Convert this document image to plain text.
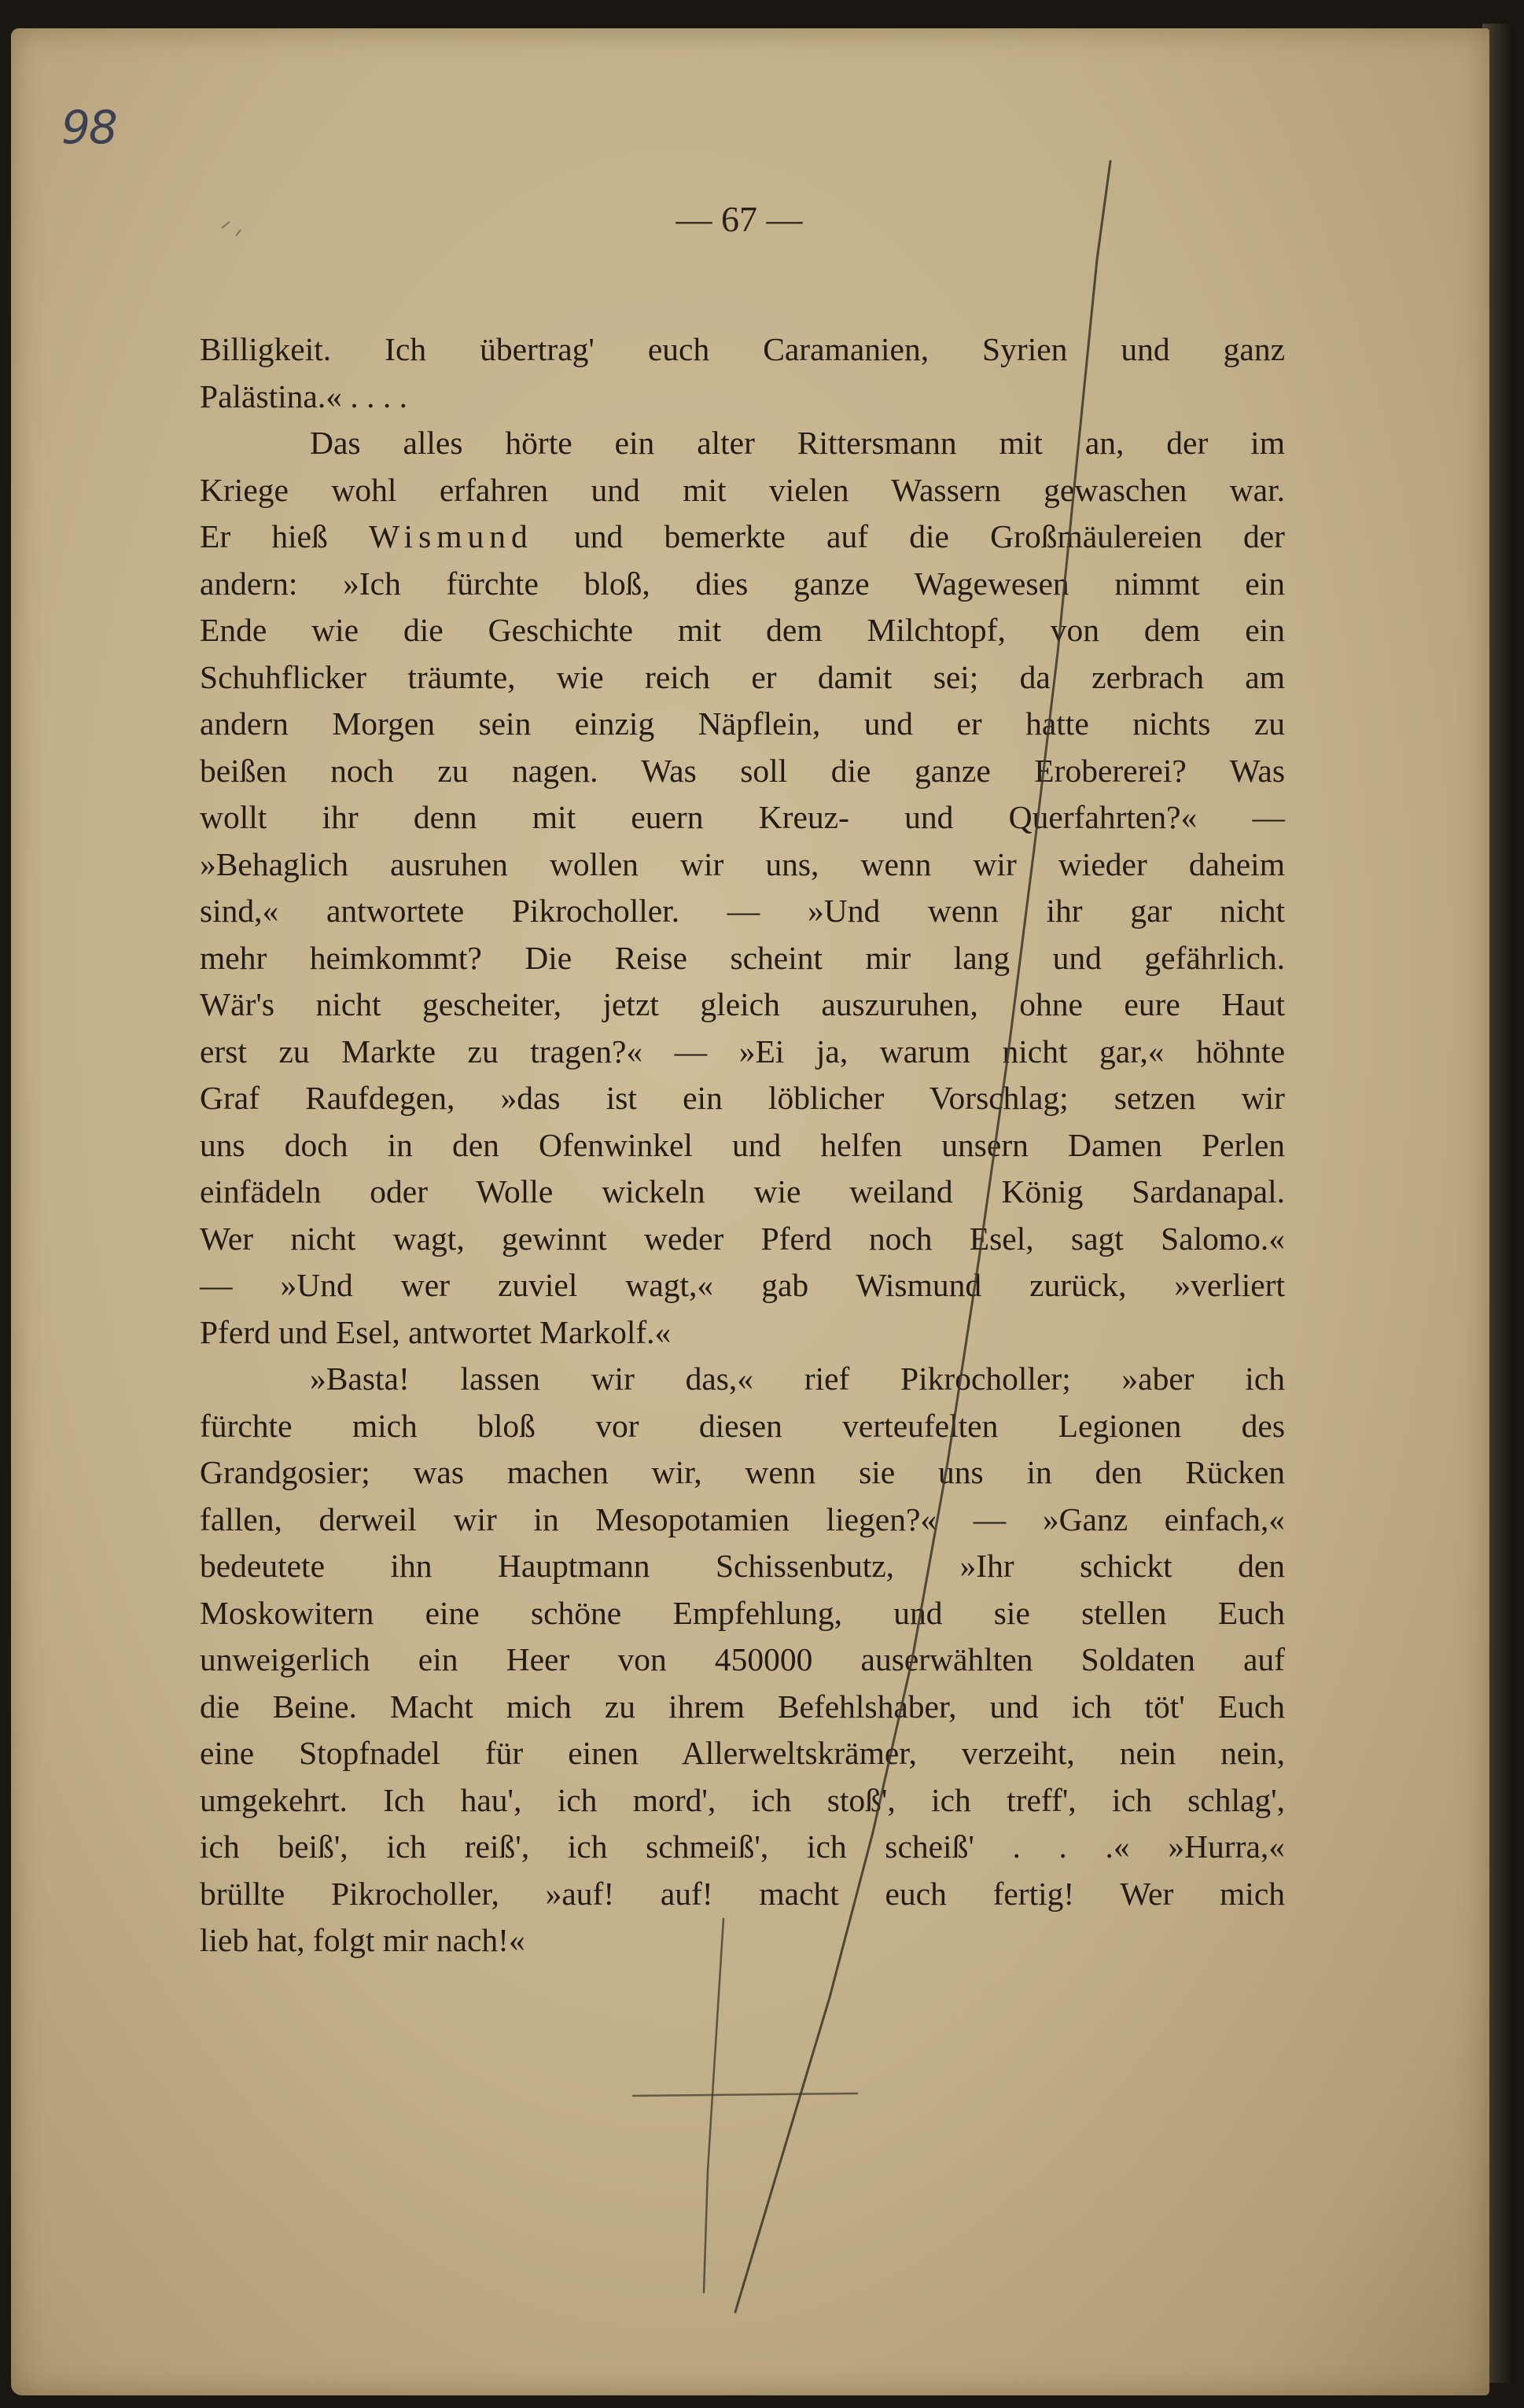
98
— 67 —
Billigkeit. Ich übertrag' euch Caramanien, Syrien und ganz
Palästina.« . . . .
Das alles hörte ein alter Rittersmann mit an, der im
Kriege wohl erfahren und mit vielen Wassern gewaschen war.
Er hieß Wismund und bemerkte auf die Großmäulereien der
andern: »Ich fürchte bloß, dies ganze Wagewesen nimmt ein
Ende wie die Geschichte mit dem Milchtopf, von dem ein
Schuhflicker träumte, wie reich er damit sei; da zerbrach am
andern Morgen sein einzig Näpflein, und er hatte nichts zu
beißen noch zu nagen. Was soll die ganze Erobererei? Was
wollt ihr denn mit euern Kreuz- und Querfahrten?« —
»Behaglich ausruhen wollen wir uns, wenn wir wieder daheim
sind,« antwortete Pikrocholler. — »Und wenn ihr gar nicht
mehr heimkommt? Die Reise scheint mir lang und gefährlich.
Wär's nicht gescheiter, jetzt gleich auszuruhen, ohne eure Haut
erst zu Markte zu tragen?« — »Ei ja, warum nicht gar,« höhnte
Graf Raufdegen, »das ist ein löblicher Vorschlag; setzen wir
uns doch in den Ofenwinkel und helfen unsern Damen Perlen
einfädeln oder Wolle wickeln wie weiland König Sardanapal.
Wer nicht wagt, gewinnt weder Pferd noch Esel, sagt Salomo.«
— »Und wer zuviel wagt,« gab Wismund zurück, »verliert
Pferd und Esel, antwortet Markolf.«
»Basta! lassen wir das,« rief Pikrocholler; »aber ich
fürchte mich bloß vor diesen verteufelten Legionen des
Grandgosier; was machen wir, wenn sie uns in den Rücken
fallen, derweil wir in Mesopotamien liegen?« — »Ganz einfach,«
bedeutete ihn Hauptmann Schissenbutz, »Ihr schickt den
Moskowitern eine schöne Empfehlung, und sie stellen Euch
unweigerlich ein Heer von 450000 auserwählten Soldaten auf
die Beine. Macht mich zu ihrem Befehlshaber, und ich töt' Euch
eine Stopfnadel für einen Allerweltskrämer, verzeiht, nein nein,
umgekehrt. Ich hau', ich mord', ich stoß', ich treff', ich schlag',
ich beiß', ich reiß', ich schmeiß', ich scheiß' . . .« »Hurra,«
brüllte Pikrocholler, »auf! auf! macht euch fertig! Wer mich
lieb hat, folgt mir nach!«
